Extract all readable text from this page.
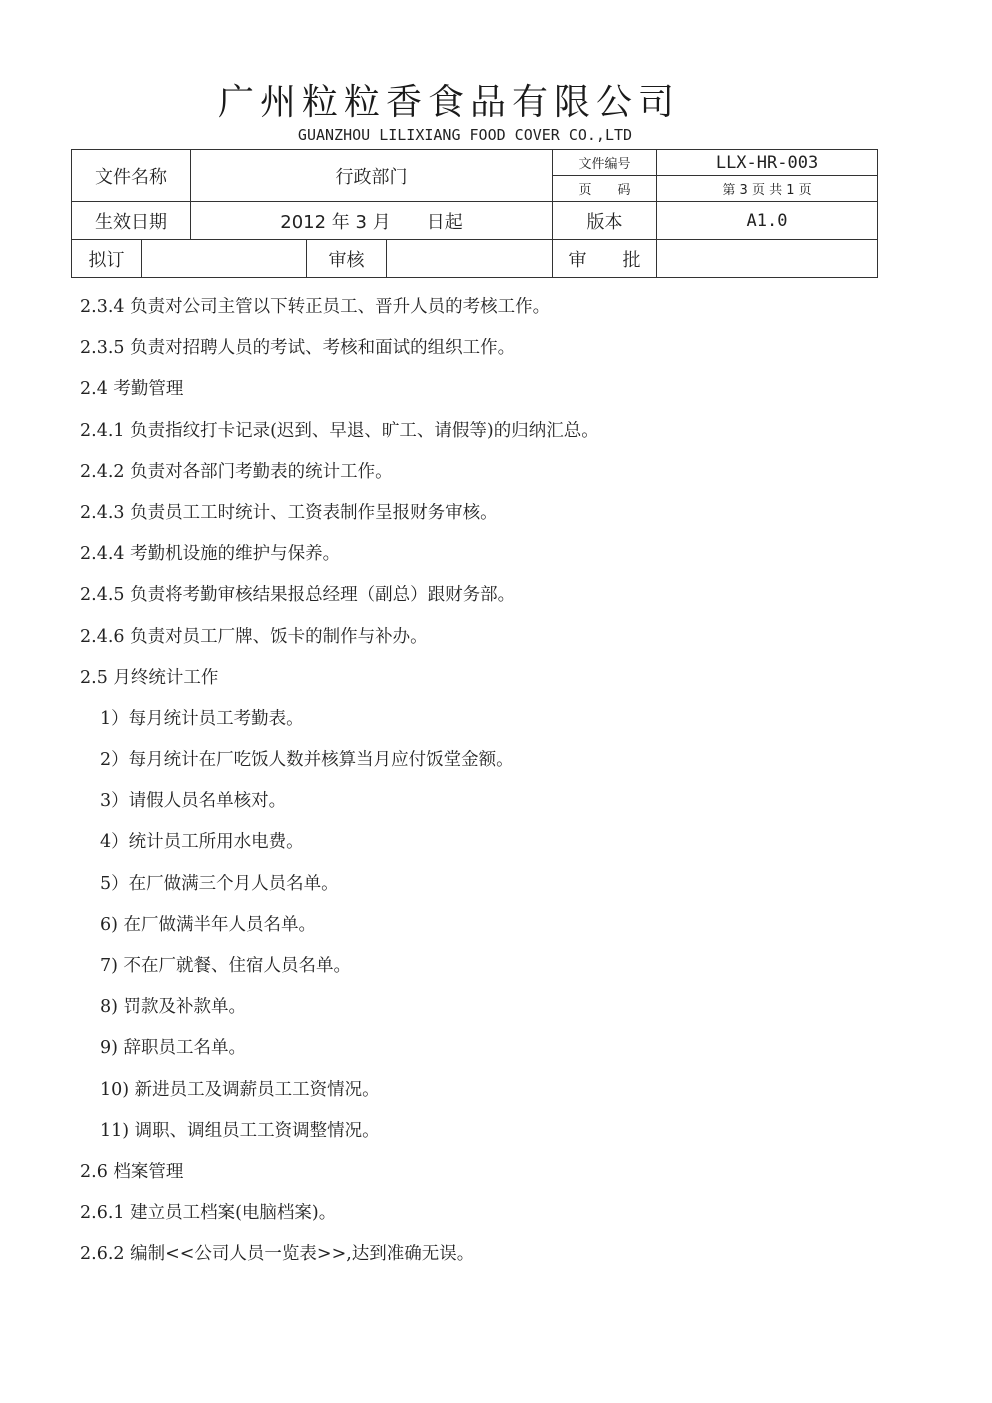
广州粒粒香食品有限公司
GUANZHOU LILIXIANG FOOD COVER CO.,LTD
文件名称		行政部门			文件编号	LLX-HR-003
					页　　码	第 3 页 共 1 页
生效日期		2012 年 3 月　　日起			版本	A1.0
拟订			审核		审　　批	
2.3.4 负责对公司主管以下转正员工、晋升人员的考核工作。
2.3.5 负责对招聘人员的考试、考核和面试的组织工作。
2.4 考勤管理
2.4.1 负责指纹打卡记录(迟到、早退、旷工、请假等)的归纳汇总。
2.4.2 负责对各部门考勤表的统计工作。
2.4.3 负责员工工时统计、工资表制作呈报财务审核。
2.4.4 考勤机设施的维护与保养。
2.4.5 负责将考勤审核结果报总经理（副总）跟财务部。
2.4.6 负责对员工厂牌、饭卡的制作与补办。
2.5 月终统计工作
1）每月统计员工考勤表。
2）每月统计在厂吃饭人数并核算当月应付饭堂金额。
3）请假人员名单核对。
4）统计员工所用水电费。
5）在厂做满三个月人员名单。
6) 在厂做满半年人员名单。
7) 不在厂就餐、住宿人员名单。
8) 罚款及补款单。
9) 辞职员工名单。
10) 新进员工及调薪员工工资情况。
11) 调职、调组员工工资调整情况。
2.6 档案管理
2.6.1 建立员工档案(电脑档案)。
2.6.2 编制<<公司人员一览表>>,达到准确无误。
